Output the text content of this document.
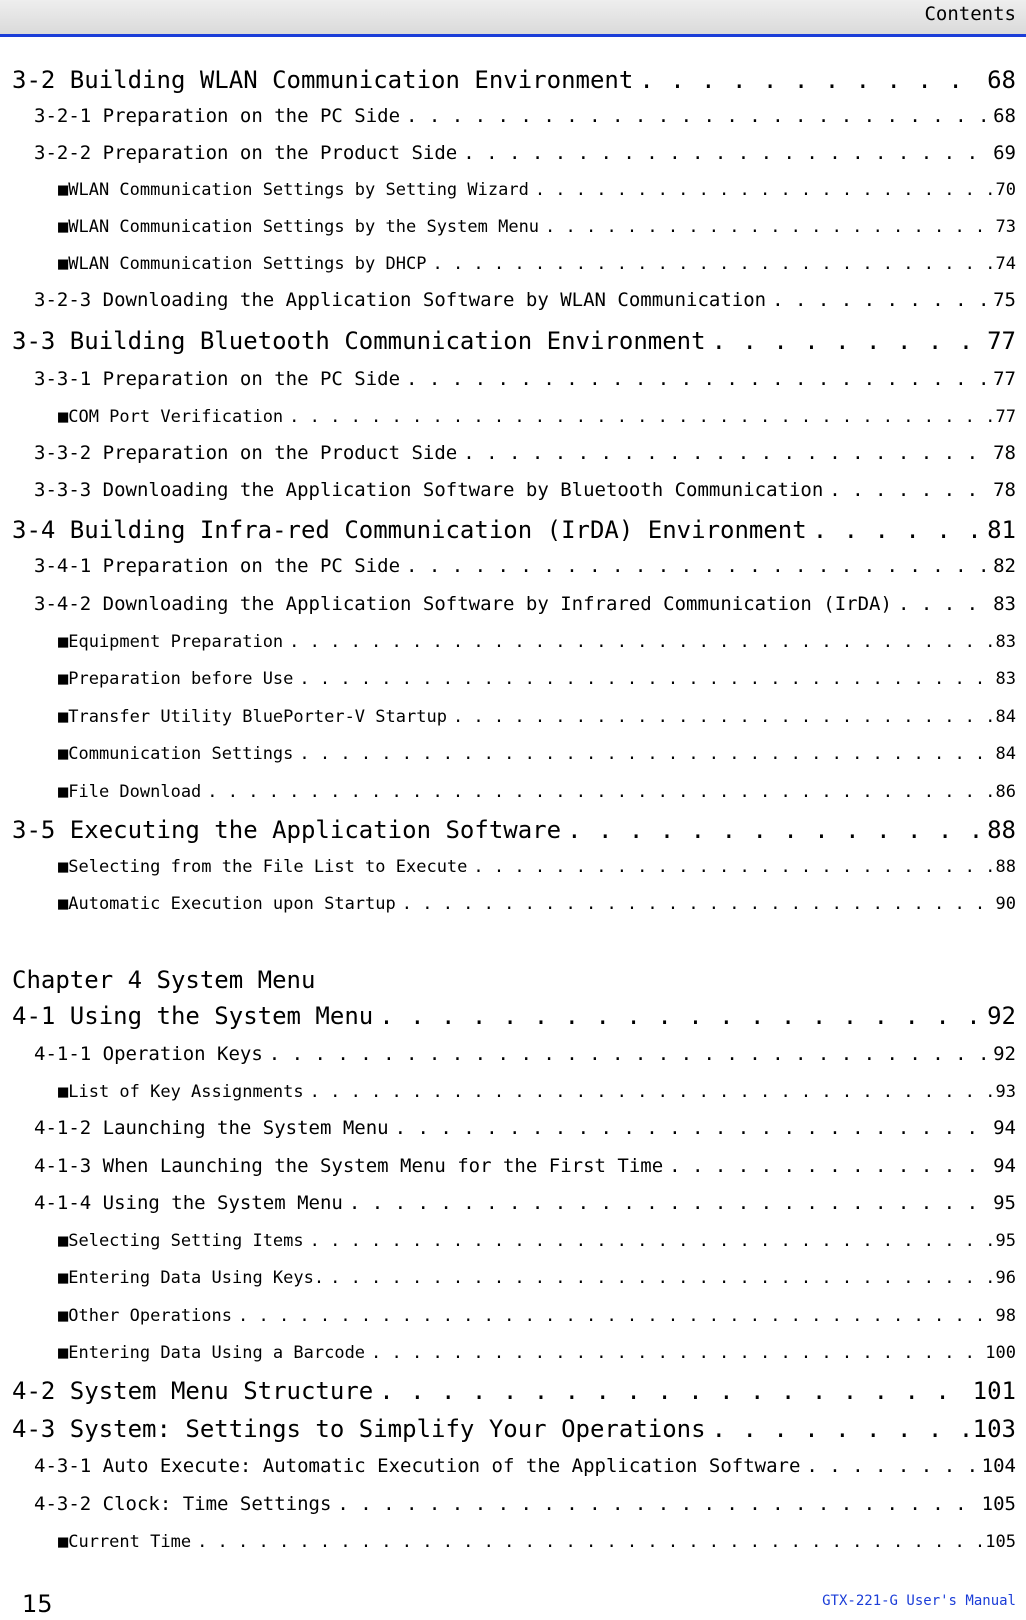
Contents
3-2 Building WLAN Communication Environment . . .	68
3-2-1 Preparation on the PC Side . . .	68
3-2-2 Preparation on the Product Side . . .	69
■WLAN Communication Settings by Setting Wizard . . .	70
■WLAN Communication Settings by the System Menu . . .	73
■WLAN Communication Settings by DHCP . . .	74
3-2-3 Downloading the Application Software by WLAN Communication . . .	75
3-3 Building Bluetooth Communication Environment . . .	77
3-3-1 Preparation on the PC Side . . .	77
■COM Port Verification . . .	77
3-3-2 Preparation on the Product Side . . .	78
3-3-3 Downloading the Application Software by Bluetooth Communication . . .	78
3-4 Building Infra-red Communication (IrDA) Environment . . .	81
3-4-1 Preparation on the PC Side . . .	82
3-4-2 Downloading the Application Software by Infrared Communication (IrDA) . . .	83
■Equipment Preparation . . .	83
■Preparation before Use . . .	83
■Transfer Utility BluePorter-V Startup . . .	84
■Communication Settings . . .	84
■File Download . . .	86
3-5 Executing the Application Software . . .	88
■Selecting from the File List to Execute . . .	88
■Automatic Execution upon Startup . . .	90
Chapter 4 System Menu
4-1 Using the System Menu . . .	92
4-1-1 Operation Keys . . .	92
■List of Key Assignments . . .	93
4-1-2 Launching the System Menu . . .	94
4-1-3 When Launching the System Menu for the First Time . . .	94
4-1-4 Using the System Menu . . .	95
■Selecting Setting Items . . .	95
■Entering Data Using Keys. . . .	96
■Other Operations . . .	98
■Entering Data Using a Barcode . . .	100
4-2 System Menu Structure . . .	101
4-3 System: Settings to Simplify Your Operations . . .	103
4-3-1 Auto Execute: Automatic Execution of the Application Software . . .	104
4-3-2 Clock: Time Settings . . .	105
■Current Time . . .	105
15	GTX-221-G User's Manual
